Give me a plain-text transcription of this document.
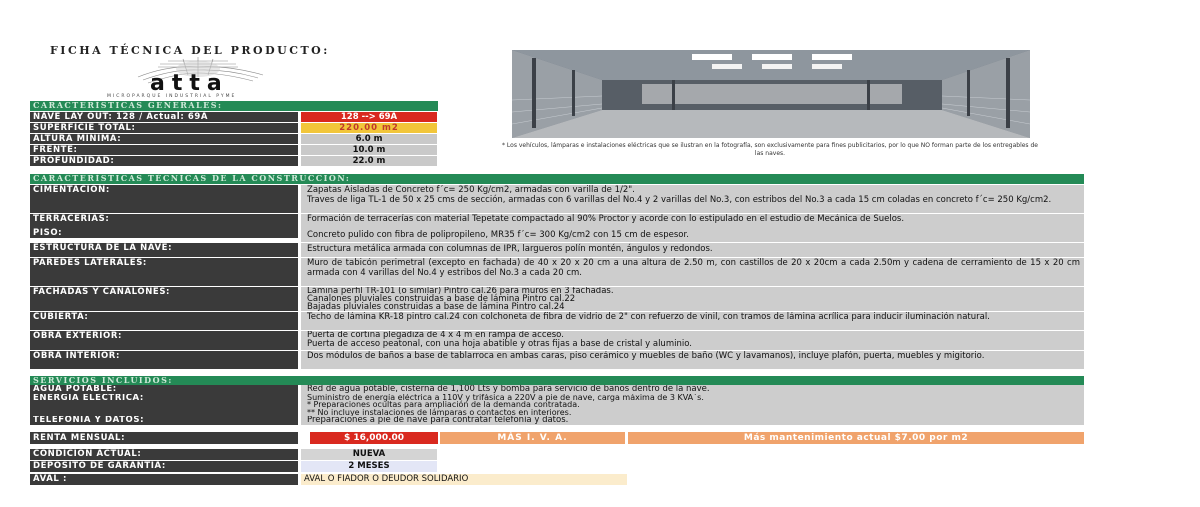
FICHA TÉCNICA DEL PRODUCTO:
atta
MICROPARQUE INDUSTRIAL PYME
* Los vehículos, lámparas e instalaciones eléctricas que se ilustran en la fotografía, son exclusivamente para fines publicitarios, por lo que NO forman parte de los entregables de las naves.
CARACTERÍSTICAS GENERALES:
NAVE LAY OUT: 128 / Actual: 69A	128 --> 69A
SUPERFICIE TOTAL:	220.00 m2
ALTURA MÍNIMA:	6.0 m
FRENTE:	10.0 m
PROFUNDIDAD:	22.0 m
CARACTERÍSTICAS TÉCNICAS DE LA CONSTRUCCIÓN:
CIMENTACIÓN:	Zapatas Aisladas de Concreto f´c= 250 Kg/cm2, armadas con varilla de 1/2".
Traves de liga TL-1 de 50 x 25 cms de sección, armadas con 6 varillas del No.4 y 2 varillas del No.3, con estribos del No.3 a cada 15 cm coladas en concreto f´c= 250 Kg/cm2.
TERRACERÍAS:	Formación de terracerías con material Tepetate compactado al 90% Proctor y acorde con lo estipulado en el estudio de Mecánica de Suelos.
PISO:	Concreto pulido con fibra de polipropileno, MR35 f´c= 300 Kg/cm2 con 15 cm de espesor.
ESTRUCTURA DE LA NAVE:	Estructura metálica armada con columnas de IPR, largueros polín montén, ángulos y redondos.
PAREDES LATERALES:	Muro de tabicón perimetral (excepto en fachada) de 40 x 20 x 20 cm a una altura de 2.50 m, con castillos de 20 x 20cm a cada 2.50m y cadena de cerramiento de 15 x 20 cm armada con 4 varillas del No.4 y estribos del No.3 a cada 20 cm.
FACHADAS Y CANALONES:	Lámina perfil TR-101 (o similar) Pintro cal.26 para muros en 3 fachadas.
Canalones pluviales construidas a base de lámina Pintro cal.22
Bajadas pluviales construidas a base de lámina Pintro cal.24
CUBIERTA:	Techo de lámina KR-18 pintro cal.24 con colchoneta de fibra de vidrio de 2" con refuerzo de vinil, con tramos de lámina acrílica para inducir iluminación natural.
OBRA EXTERIOR:	Puerta de cortina plegadiza de 4 x 4 m en rampa de acceso.
Puerta de acceso peatonal, con una hoja abatible y otras fijas a base de cristal y aluminio.
OBRA INTERIOR:	Dos módulos de baños a base de tablarroca en ambas caras, piso cerámico y muebles de baño (WC y lavamanos), incluye plafón, puerta, muebles y migitorio.
SERVICIOS INCLUIDOS:
AGUA POTABLE:	Red de agua potable, cisterna de 1,100 Lts y bomba para servicio de baños dentro de la nave.
ENERGÍA ELÉCTRICA:	Suministro de energía eléctrica a 110V y trifásica a 220V a pie de nave, carga máxima de 3 KVA´s.
* Preparaciones ocultas para ampliación de la demanda contratada.
** No incluye instalaciones de lámparas o contactos en interiores.
TELEFONÍA Y DATOS:	Preparaciones a pie de nave para contratar telefonía y datos.
RENTA MENSUAL:	$ 16,000.00	MÁS I. V. A.	Más mantenimiento actual $7.00 por m2
CONDICIÓN ACTUAL:	NUEVA
DEPÓSITO DE GARANTÍA:	2 MESES
AVAL :	AVAL O FIADOR O DEUDOR SOLIDARIO
